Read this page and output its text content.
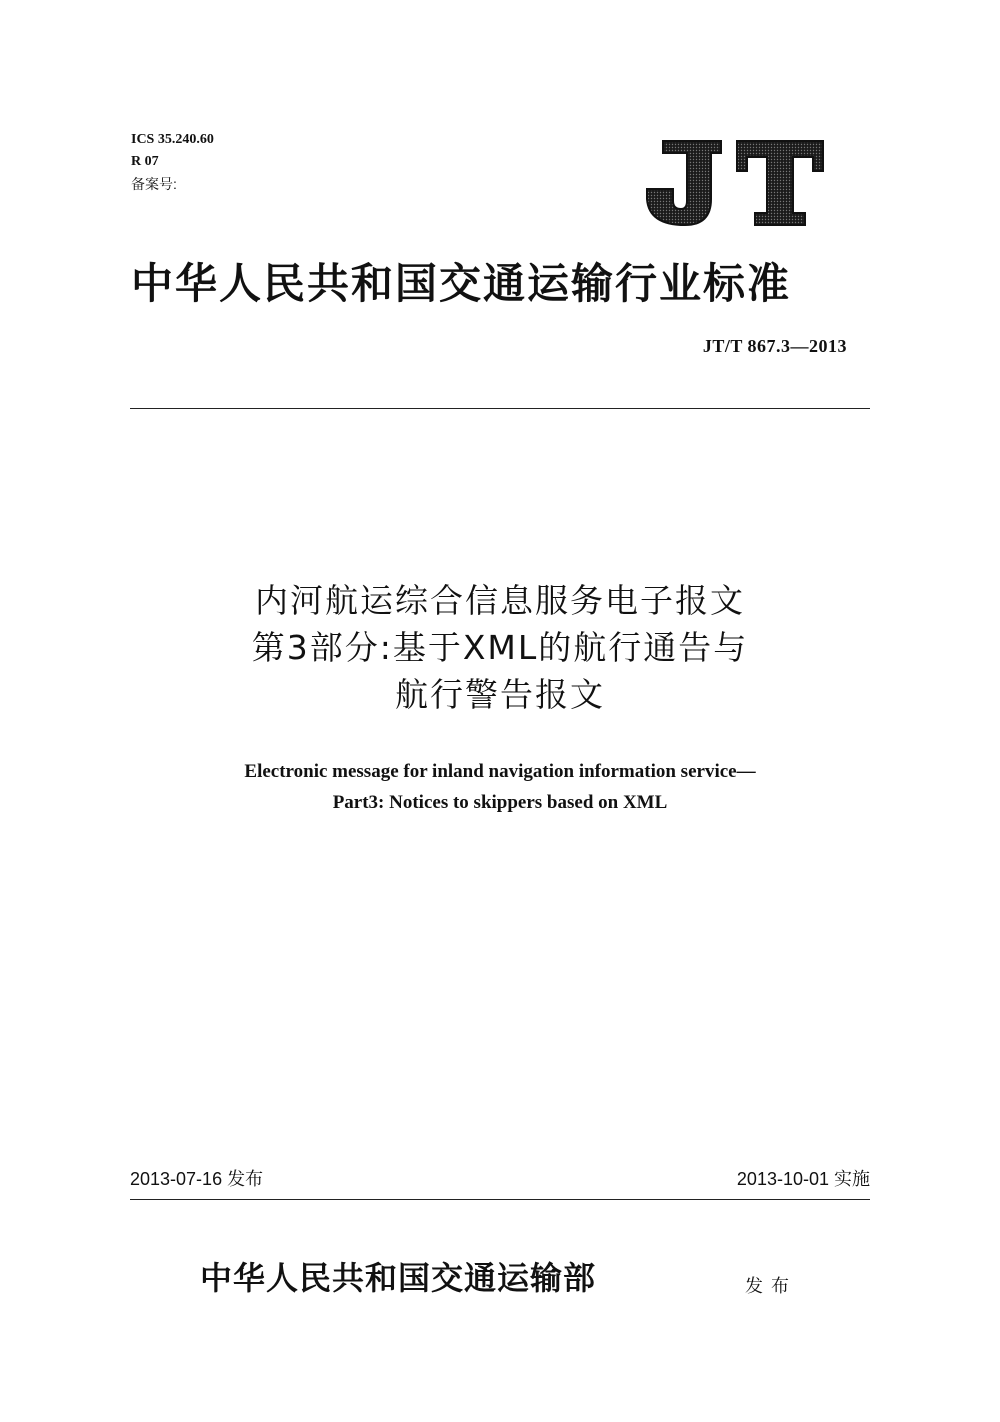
ICS 35.240.60
R 07
备案号:
JT
中华人民共和国交通运输行业标准
JT/T 867.3—2013
内河航运综合信息服务电子报文
第3部分:基于XML的航行通告与
航行警告报文
Electronic message for inland navigation information service—
Part3: Notices to skippers based on XML
2013-07-16 发布	2013-10-01 实施
中华人民共和国交通运输部	发布
